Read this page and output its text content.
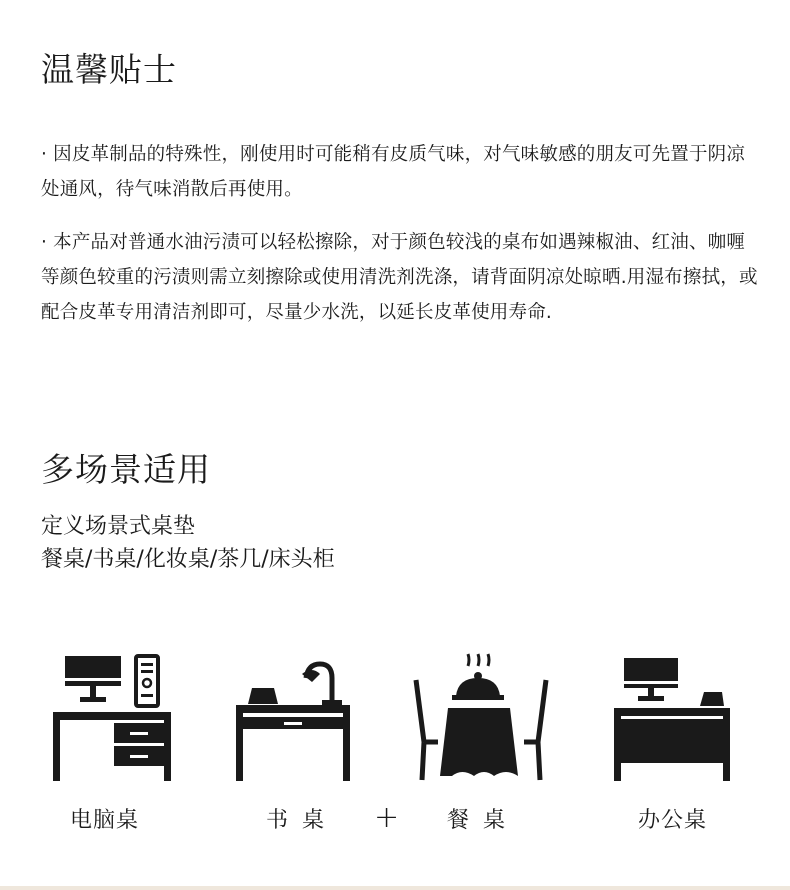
温馨贴士

· 因皮革制品的特殊性，刚使用时可能稍有皮质气味，对气味敏感的朋友可先置于阴凉处通风，待气味消散后再使用。

· 本产品对普通水油污渍可以轻松擦除，对于颜色较浅的桌布如遇辣椒油、红油、咖喱等颜色较重的污渍则需立刻擦除或使用清洗剂洗涤，请背面阴凉处晾晒.用湿布擦拭，或配合皮革专用清洁剂即可，尽量少水洗，以延长皮革使用寿命.

多场景适用

定义场景式桌垫

餐桌/书桌/化妆桌/茶几/床头柜

电脑桌	书桌 + 餐桌	办公桌
